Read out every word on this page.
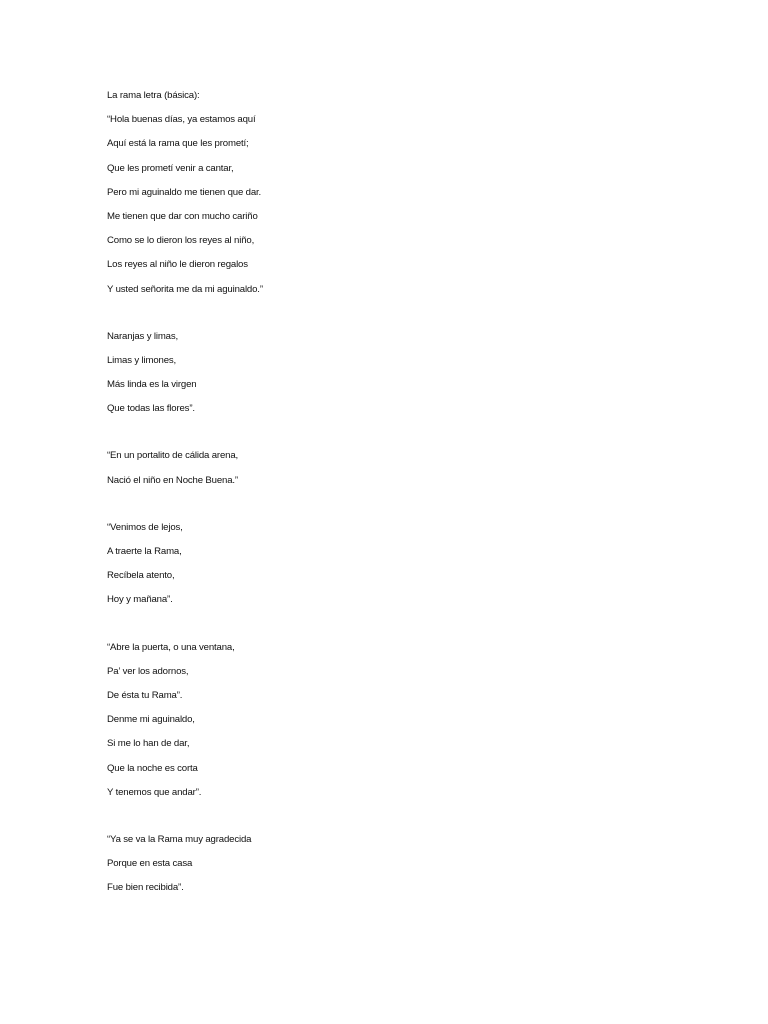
La rama letra (básica):
“Hola buenas días, ya estamos aquí
Aquí está la rama que les prometí;
Que les prometí venir a cantar,
Pero mi aguinaldo me tienen que dar.
Me tienen que dar con mucho cariño
Como se lo dieron los reyes al niño,
Los reyes al niño le dieron regalos
Y usted señorita me da mi aguinaldo.”
Naranjas y limas,
Limas y limones,
Más linda es la virgen
Que todas las flores”.
“En un portalito de cálida arena,
Nació el niño en Noche Buena.”
“Venimos de lejos,
A traerte la Rama,
Recíbela atento,
Hoy y mañana”.
“Abre la puerta, o una ventana,
Pa’ ver los adornos,
De ésta tu Rama”.
Denme mi aguinaldo,
Si me lo han de dar,
Que la noche es corta
Y tenemos que andar”.
“Ya se va la Rama muy agradecida
Porque en esta casa
Fue bien recibida”.
